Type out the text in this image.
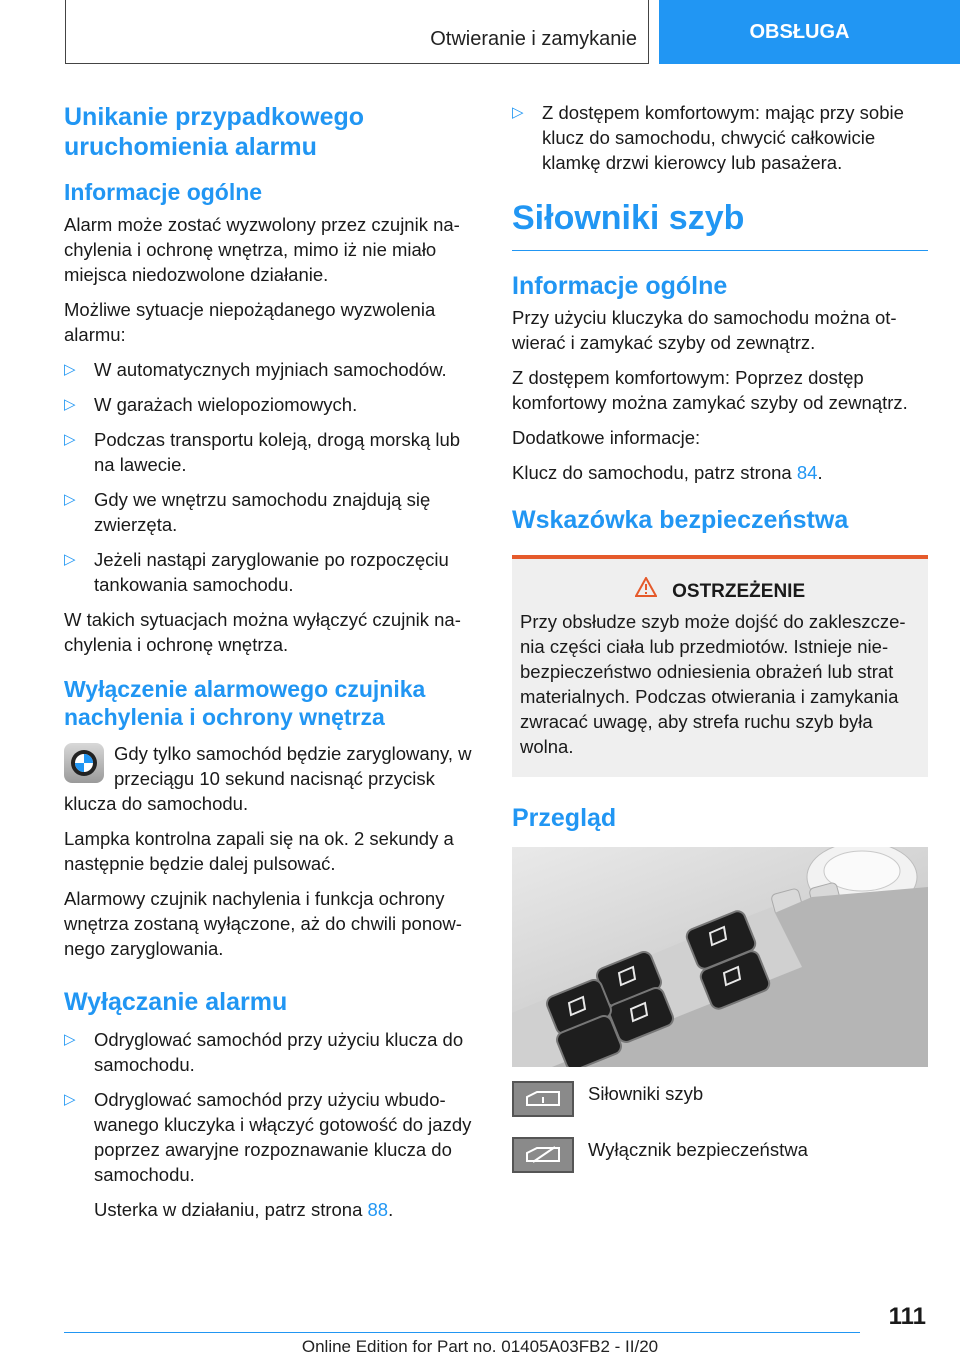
Otwieranie i zamykanie	OBSŁUGA
Unikanie przypadkowego uruchomienia alarmu
Informacje ogólne

Alarm może zostać wyzwolony przez czujnik na-chylenia i ochronę wnętrza, mimo iż nie miało miejsca niedozwolone działanie.

Możliwe sytuacje niepożądanego wyzwolenia alarmu:

▷ W automatycznych myjniach samochodów.
▷ W garażach wielopoziomowych.
▷ Podczas transportu koleją, drogą morską lub na lawecie.
▷ Gdy we wnętrzu samochodu znajdują się zwierzęta.
▷ Jeżeli nastąpi zaryglowanie po rozpoczęciu tankowania samochodu.

W takich sytuacjach można wyłączyć czujnik na-chylenia i ochronę wnętrza.

Wyłączenie alarmowego czujnika nachylenia i ochrony wnętrza

Gdy tylko samochód będzie zaryglowany, w przeciągu 10 sekund nacisnąć przycisk klucza do samochodu.

Lampka kontrolna zapali się na ok. 2 sekundy a następnie będzie dalej pulsować.

Alarmowy czujnik nachylenia i funkcja ochrony wnętrza zostaną wyłączone, aż do chwili ponow-nego zaryglowania.

Wyłączanie alarmu
▷ Odryglować samochód przy użyciu klucza do samochodu.
▷ Odryglować samochód przy użyciu wbudo-wanego kluczyka i włączyć gotowość do jazdy poprzez awaryjne rozpoznawanie klucza do samochodu.
Usterka w działaniu, patrz strona 88.
▷ Z dostępem komfortowym: mając przy sobie klucz do samochodu, chwycić całkowicie klamkę drzwi kierowcy lub pasażera.
Siłowniki szyb
Informacje ogólne

Przy użyciu kluczyka do samochodu można ot-wierać i zamykać szyby od zewnątrz.

Z dostępem komfortowym: Poprzez dostęp komfortowy można zamykać szyby od zewnątrz.

Dodatkowe informacje:

Klucz do samochodu, patrz strona 84.

Wskazówka bezpieczeństwa
OSTRZEŻENIE

Przy obsłudze szyb może dojść do zakleszcze-nia części ciała lub przedmiotów. Istnieje nie-bezpieczeństwo odniesienia obrażeń lub strat materialnych. Podczas otwierania i zamykania zwracać uwagę, aby strefa ruchu szyb była wolna.

Przegląd
Siłowniki szyb
Wyłącznik bezpieczeństwa
111
Online Edition for Part no. 01405A03FB2 - II/20
